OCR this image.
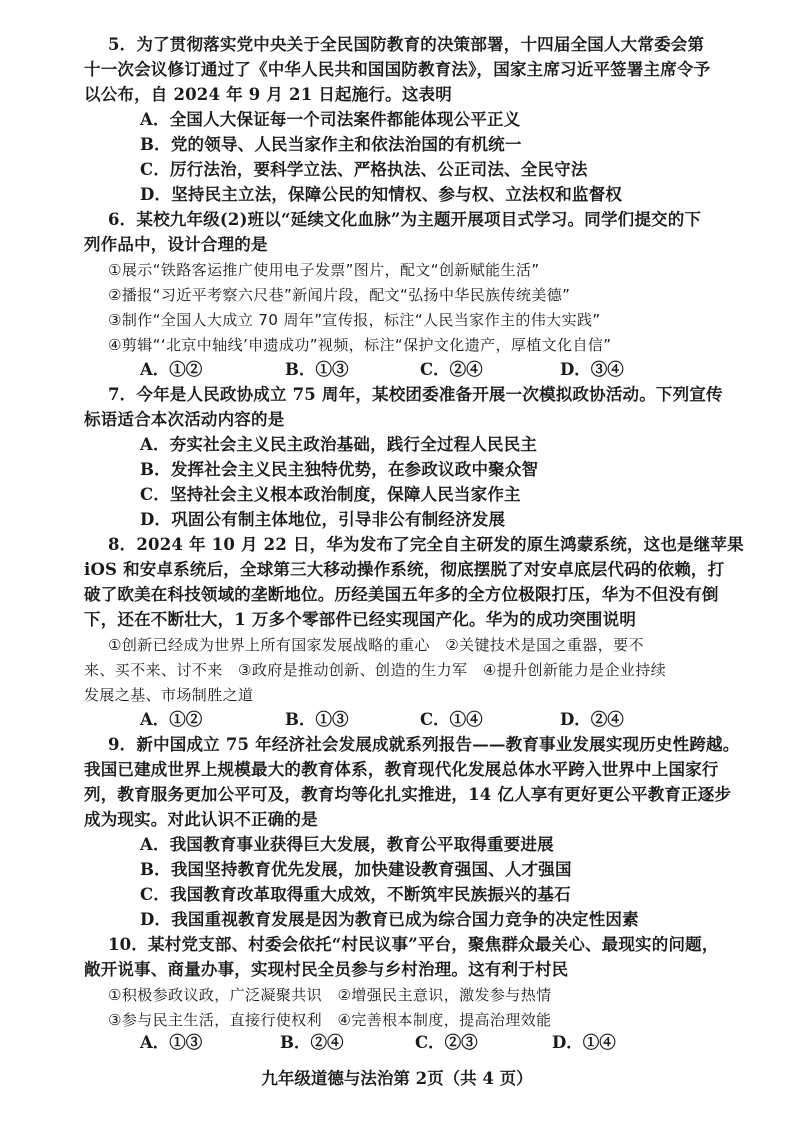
5．为了贯彻落实党中央关于全民国防教育的决策部署，十四届全国人大常委会第
十一次会议修订通过了《中华人民共和国国防教育法》，国家主席习近平签署主席令予
以公布，自 2024 年 9 月 21 日起施行。这表明
A．全国人大保证每一个司法案件都能体现公平正义
B．党的领导、人民当家作主和依法治国的有机统一
C．厉行法治，要科学立法、严格执法、公正司法、全民守法
D．坚持民主立法，保障公民的知情权、参与权、立法权和监督权
6．某校九年级(2)班以“延续文化血脉”为主题开展项目式学习。同学们提交的下
列作品中，设计合理的是
①展示“铁路客运推广使用电子发票”图片，配文“创新赋能生活”
②播报“习近平考察六尺巷”新闻片段，配文“弘扬中华民族传统美德”
③制作“全国人大成立 70 周年”宣传报，标注“人民当家作主的伟大实践”
④剪辑“‘北京中轴线’申遗成功”视频，标注“保护文化遗产，厚植文化自信”
A．①②	B．①③	C．②④	D．③④
7．今年是人民政协成立 75 周年，某校团委准备开展一次模拟政协活动。下列宣传
标语适合本次活动内容的是
A．夯实社会主义民主政治基础，践行全过程人民民主
B．发挥社会主义民主独特优势，在参政议政中聚众智
C．坚持社会主义根本政治制度，保障人民当家作主
D．巩固公有制主体地位，引导非公有制经济发展
8．2024 年 10 月 22 日，华为发布了完全自主研发的原生鸿蒙系统，这也是继苹果
iOS 和安卓系统后，全球第三大移动操作系统，彻底摆脱了对安卓底层代码的依赖，打
破了欧美在科技领域的垄断地位。历经美国五年多的全方位极限打压，华为不但没有倒
下，还在不断壮大，1 万多个零部件已经实现国产化。华为的成功突围说明
①创新已经成为世界上所有国家发展战略的重心　②关键技术是国之重器，要不
来、买不来、讨不来　③政府是推动创新、创造的生力军　④提升创新能力是企业持续
发展之基、市场制胜之道
A．①②	B．①③	C．①④	D．②④
9．新中国成立 75 年经济社会发展成就系列报告——教育事业发展实现历史性跨越。
我国已建成世界上规模最大的教育体系，教育现代化发展总体水平跨入世界中上国家行
列，教育服务更加公平可及，教育均等化扎实推进，14 亿人享有更好更公平教育正逐步
成为现实。对此认识不正确的是
A．我国教育事业获得巨大发展，教育公平取得重要进展
B．我国坚持教育优先发展，加快建设教育强国、人才强国
C．我国教育改革取得重大成效，不断筑牢民族振兴的基石
D．我国重视教育发展是因为教育已成为综合国力竞争的决定性因素
10．某村党支部、村委会依托“村民议事”平台，聚焦群众最关心、最现实的问题，
敞开说事、商量办事，实现村民全员参与乡村治理。这有利于村民
①积极参政议政，广泛凝聚共识　②增强民主意识，激发参与热情
③参与民主生活，直接行使权利　④完善根本制度，提高治理效能
A．①③	B．②④	C．②③	D．①④
九年级道德与法治第 2页（共 4 页）
